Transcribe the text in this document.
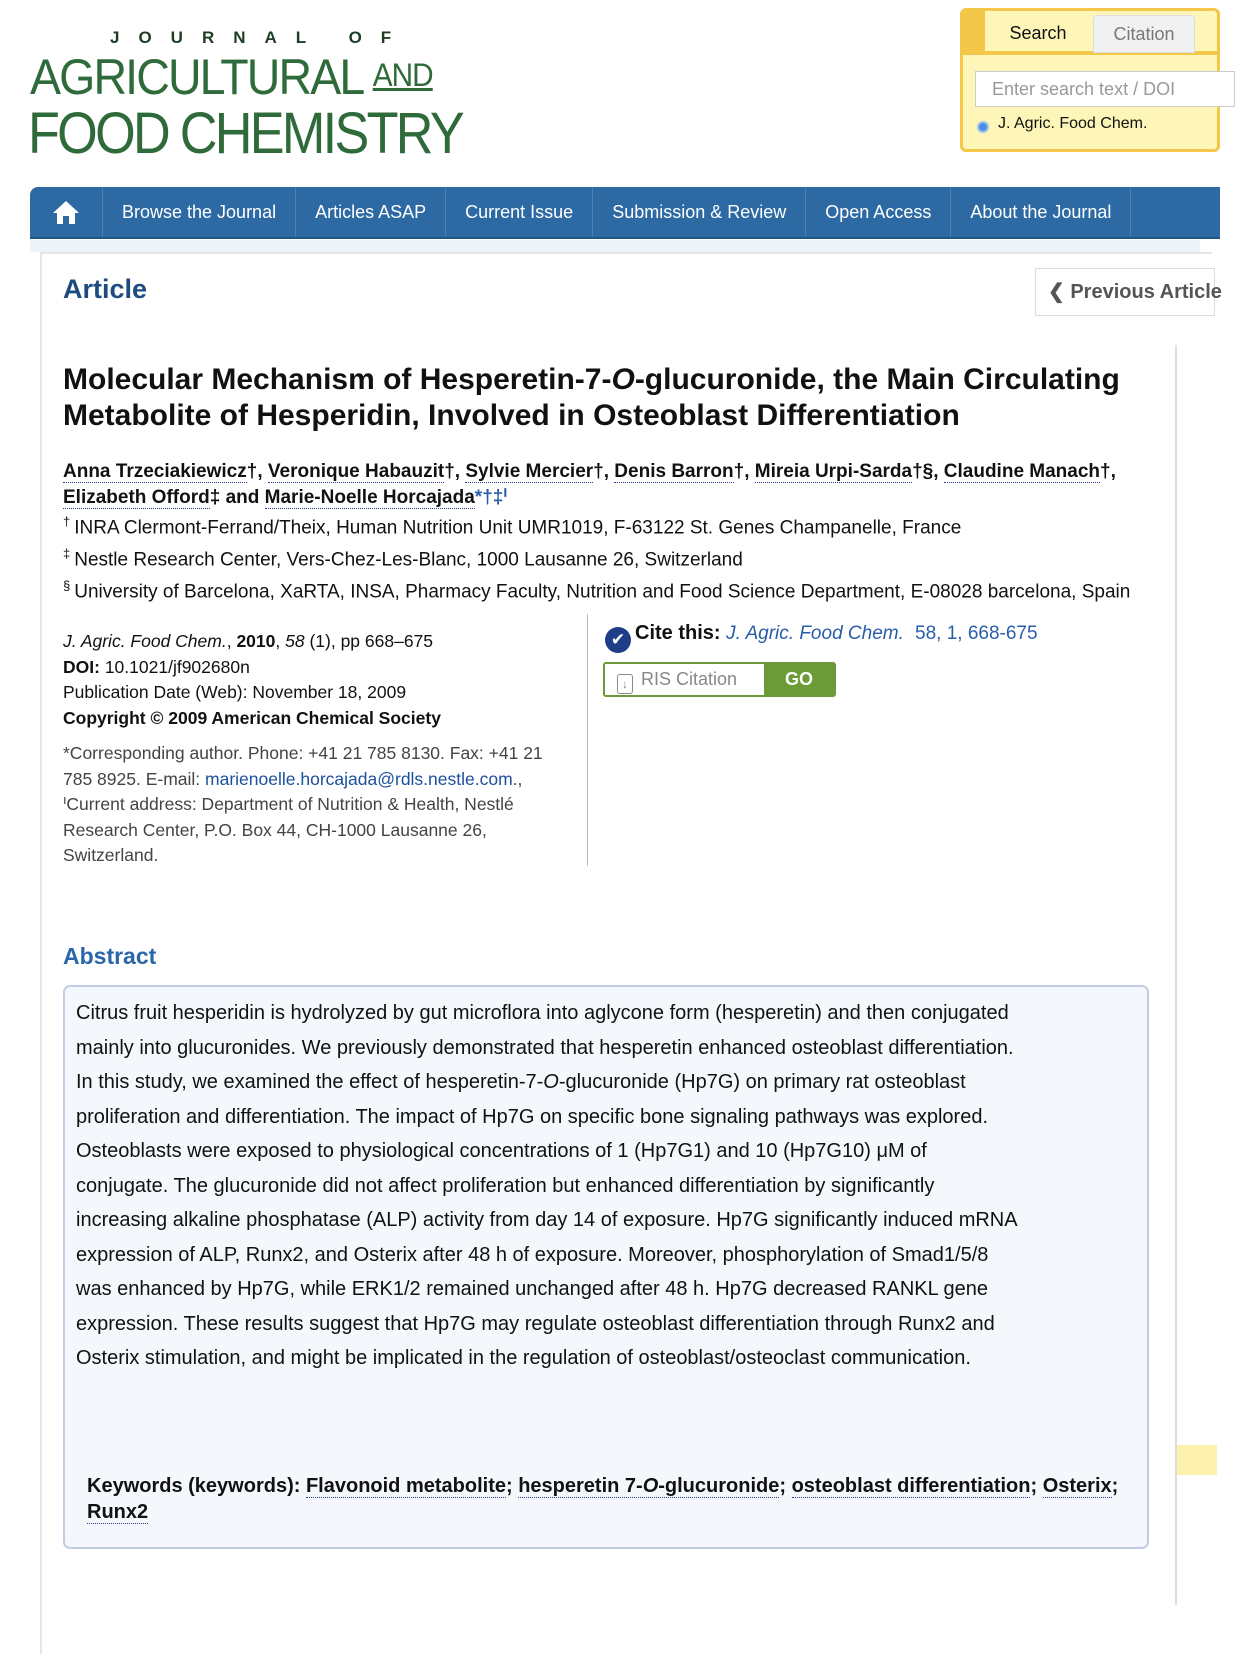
JOURNAL OF
AGRICULTURAL AND
FOOD CHEMISTRY
Search	Citation
Enter search text / DOI
J. Agric. Food Chem.
Browse the Journal	Articles ASAP	Current Issue	Submission & Review	Open Access	About the Journal
Article	❮ Previous Article
Molecular Mechanism of Hesperetin-7-O-glucuronide, the Main Circulating Metabolite of Hesperidin, Involved in Osteoblast Differentiation
Anna Trzeciakiewicz†, Veronique Habauzit†, Sylvie Mercier†, Denis Barron†, Mireia Urpi-Sarda†§, Claudine Manach†, Elizabeth Offord‡ and Marie-Noelle Horcajada*†‡ᑊ
† INRA Clermont-Ferrand/Theix, Human Nutrition Unit UMR1019, F-63122 St. Genes Champanelle, France
‡ Nestle Research Center, Vers-Chez-Les-Blanc, 1000 Lausanne 26, Switzerland
§ University of Barcelona, XaRTA, INSA, Pharmacy Faculty, Nutrition and Food Science Department, E-08028 barcelona, Spain
J. Agric. Food Chem., 2010, 58 (1), pp 668–675
DOI: 10.1021/jf902680n
Publication Date (Web): November 18, 2009
Copyright © 2009 American Chemical Society
*Corresponding author. Phone: +41 21 785 8130. Fax: +41 21 785 8925. E-mail: marienoelle.horcajada@rdls.nestle.com., ᑊCurrent address: Department of Nutrition & Health, Nestlé Research Center, P.O. Box 44, CH-1000 Lausanne 26, Switzerland.
✔ Cite this: J. Agric. Food Chem. 58, 1, 668-675
↓ RIS Citation	GO
Abstract
Citrus fruit hesperidin is hydrolyzed by gut microflora into aglycone form (hesperetin) and then conjugated mainly into glucuronides. We previously demonstrated that hesperetin enhanced osteoblast differentiation. In this study, we examined the effect of hesperetin-7-O-glucuronide (Hp7G) on primary rat osteoblast proliferation and differentiation. The impact of Hp7G on specific bone signaling pathways was explored. Osteoblasts were exposed to physiological concentrations of 1 (Hp7G1) and 10 (Hp7G10) μM of conjugate. The glucuronide did not affect proliferation but enhanced differentiation by significantly increasing alkaline phosphatase (ALP) activity from day 14 of exposure. Hp7G significantly induced mRNA expression of ALP, Runx2, and Osterix after 48 h of exposure. Moreover, phosphorylation of Smad1/5/8 was enhanced by Hp7G, while ERK1/2 remained unchanged after 48 h. Hp7G decreased RANKL gene expression. These results suggest that Hp7G may regulate osteoblast differentiation through Runx2 and Osterix stimulation, and might be implicated in the regulation of osteoblast/osteoclast communication.
Keywords (keywords): Flavonoid metabolite; hesperetin 7-O-glucuronide; osteoblast differentiation; Osterix; Runx2
